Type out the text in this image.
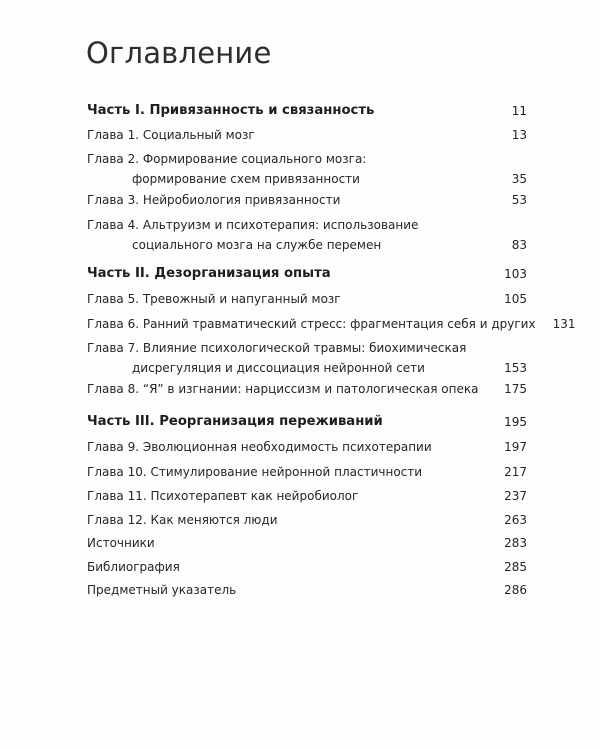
Оглавление
Часть I. Привязанность и связанность	11
Глава 1. Социальный мозг	13
Глава 2. Формирование социального мозга:
формирование схем привязанности	35
Глава 3. Нейробиология привязанности	53
Глава 4. Альтруизм и психотерапия: использование
социального мозга на службе перемен	83
Часть II. Дезорганизация опыта	103
Глава 5. Тревожный и напуганный мозг	105
Глава 6. Ранний травматический стресс: фрагментация себя и других	131
Глава 7. Влияние психологической травмы: биохимическая
дисрегуляция и диссоциация нейронной сети	153
Глава 8. “Я” в изгнании: нарциссизм и патологическая опека	175
Часть III. Реорганизация переживаний	195
Глава 9. Эволюционная необходимость психотерапии	197
Глава 10. Стимулирование нейронной пластичности	217
Глава 11. Психотерапевт как нейробиолог	237
Глава 12. Как меняются люди	263
Источники	283
Библиография	285
Предметный указатель	286
